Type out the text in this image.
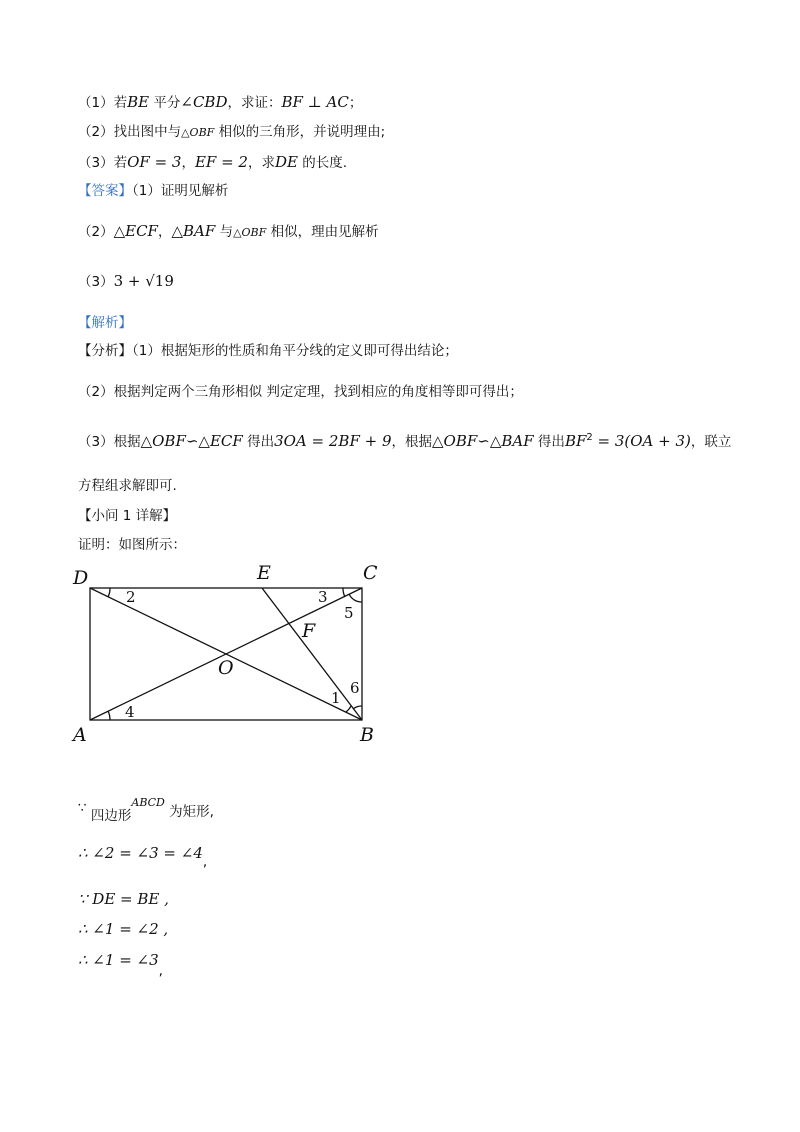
（1）若BE 平分∠CBD，求证：BF ⊥ AC；
（2）找出图中与△OBF 相似的三角形，并说明理由;
（3）若OF = 3，EF = 2，求DE 的长度.
【答案】（1）证明见解析
（2）△ECF，△BAF 与△OBF 相似，理由见解析
（3）3 + √19
【解析】
【分析】（1）根据矩形的性质和角平分线的定义即可得出结论；
（2）根据判定两个三角形相似 判定定理，找到相应的角度相等即可得出；
（3）根据△OBF∽△ECF 得出3OA = 2BF + 9，根据△OBF∽△BAF 得出$BF^2 = 3(OA + 3)$，联立
方程组求解即可.
【小问 1 详解】
证明：如图所示：
D	E	C
F
O
A	B
2	3
5
4
1
6
∵ 四边形$^{ABCD}$ 为矩形,
∴ ∠2 = ∠3 = ∠4,
∵ DE = BE ,
∴ ∠1 = ∠2 ,
∴ ∠1 = ∠3,
